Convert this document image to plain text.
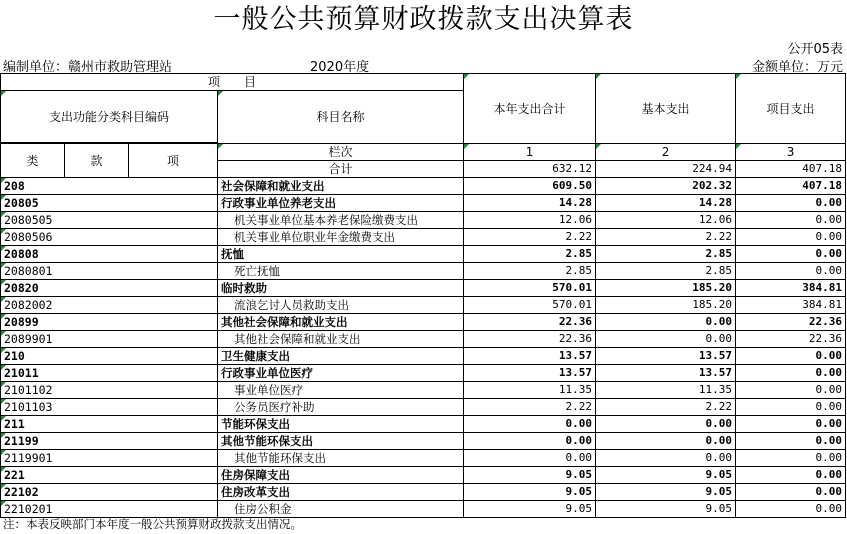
一般公共预算财政拨款支出决算表
公开05表
编制单位：赣州市救助管理站	2020年度	金额单位：万元
项　　目				本年支出合计	基本支出	项目支出
支出功能分类科目编码			科目名称			

类	款	项	栏次	1	2	3
			合计	632.12	224.94	407.18
208			社会保障和就业支出	609.50	202.32	407.18
20805			行政事业单位养老支出	14.28	14.28	0.00
2080505			机关事业单位基本养老保险缴费支出	12.06	12.06	0.00
2080506			机关事业单位职业年金缴费支出	2.22	2.22	0.00
20808			抚恤	2.85	2.85	0.00
2080801			死亡抚恤	2.85	2.85	0.00
20820			临时救助	570.01	185.20	384.81
2082002			流浪乞讨人员救助支出	570.01	185.20	384.81
20899			其他社会保障和就业支出	22.36	0.00	22.36
2089901			其他社会保障和就业支出	22.36	0.00	22.36
210			卫生健康支出	13.57	13.57	0.00
21011			行政事业单位医疗	13.57	13.57	0.00
2101102			事业单位医疗	11.35	11.35	0.00
2101103			公务员医疗补助	2.22	2.22	0.00
211			节能环保支出	0.00	0.00	0.00
21199			其他节能环保支出	0.00	0.00	0.00
2119901			其他节能环保支出	0.00	0.00	0.00
221			住房保障支出	9.05	9.05	0.00
22102			住房改革支出	9.05	9.05	0.00
2210201			住房公积金	9.05	9.05	0.00
注：本表反映部门本年度一般公共预算财政拨款支出情况。
